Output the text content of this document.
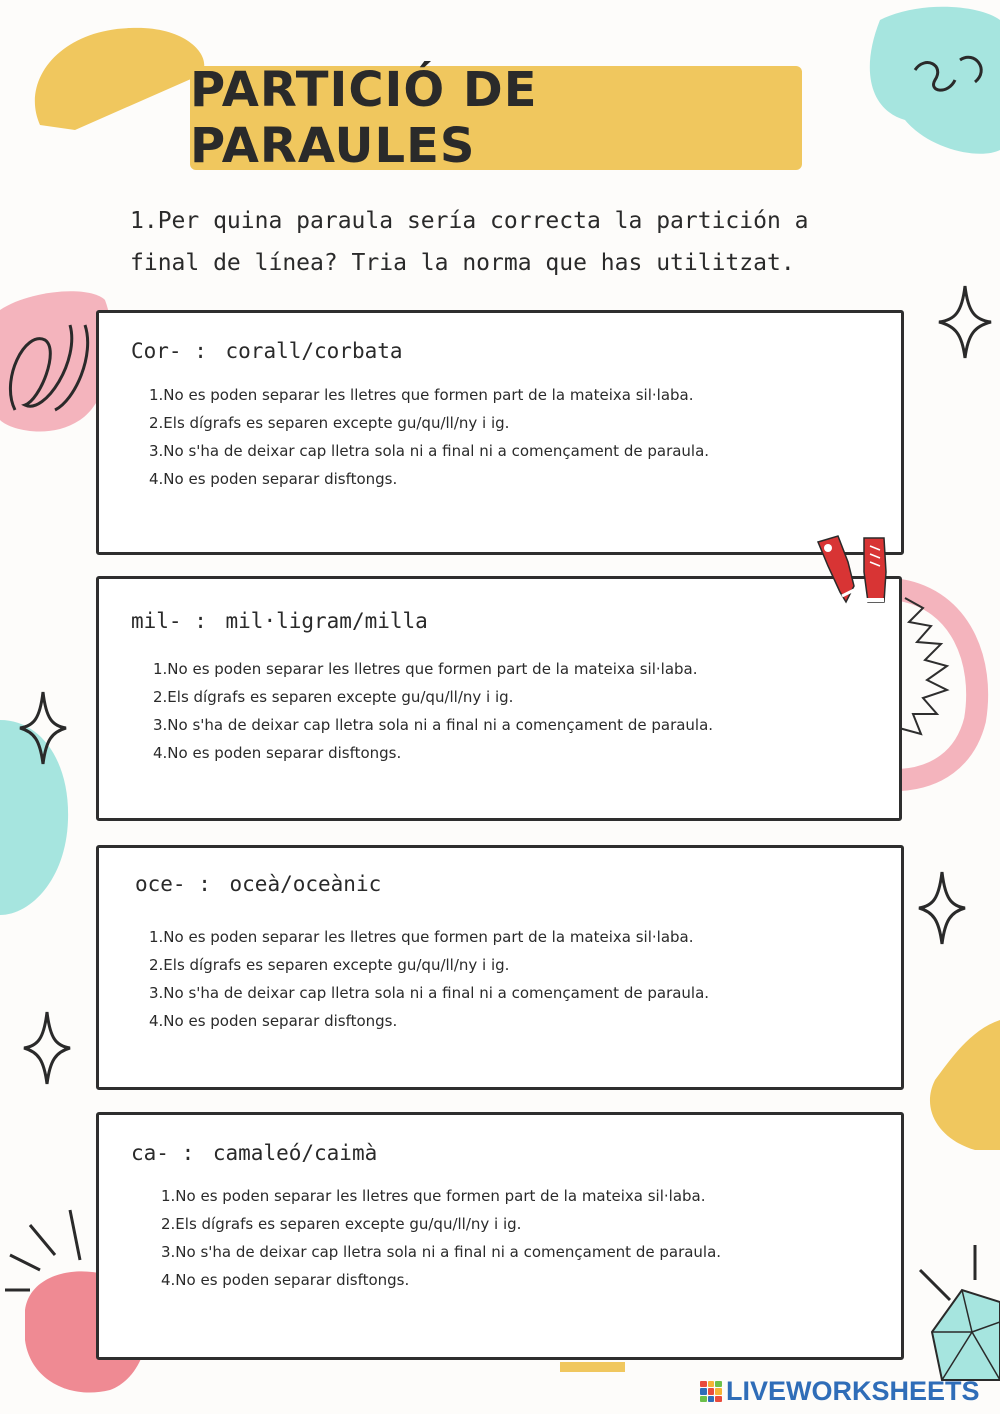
PARTICIÓ DE PARAULES
1.Per quina paraula sería correcta la partición a
final de línea? Tria la norma que has utilitzat.
Cor- : corall/corbata
1.No es poden separar les lletres que formen part de la mateixa sil·laba.
2.Els dígrafs es separen excepte gu/qu/ll/ny i ig.
3.No s'ha de deixar cap lletra sola ni a final ni a començament de paraula.
4.No es poden separar disftongs.
mil- : mil·ligram/milla
1.No es poden separar les lletres que formen part de la mateixa sil·laba.
2.Els dígrafs es separen excepte gu/qu/ll/ny i ig.
3.No s'ha de deixar cap lletra sola ni a final ni a començament de paraula.
4.No es poden separar disftongs.
oce- : oceà/oceànic
1.No es poden separar les lletres que formen part de la mateixa sil·laba.
2.Els dígrafs es separen excepte gu/qu/ll/ny i ig.
3.No s'ha de deixar cap lletra sola ni a final ni a començament de paraula.
4.No es poden separar disftongs.
ca- : camaleó/caimà
1.No es poden separar les lletres que formen part de la mateixa sil·laba.
2.Els dígrafs es separen excepte gu/qu/ll/ny i ig.
3.No s'ha de deixar cap lletra sola ni a final ni a començament de paraula.
4.No es poden separar disftongs.
LIVEWORKSHEETS
